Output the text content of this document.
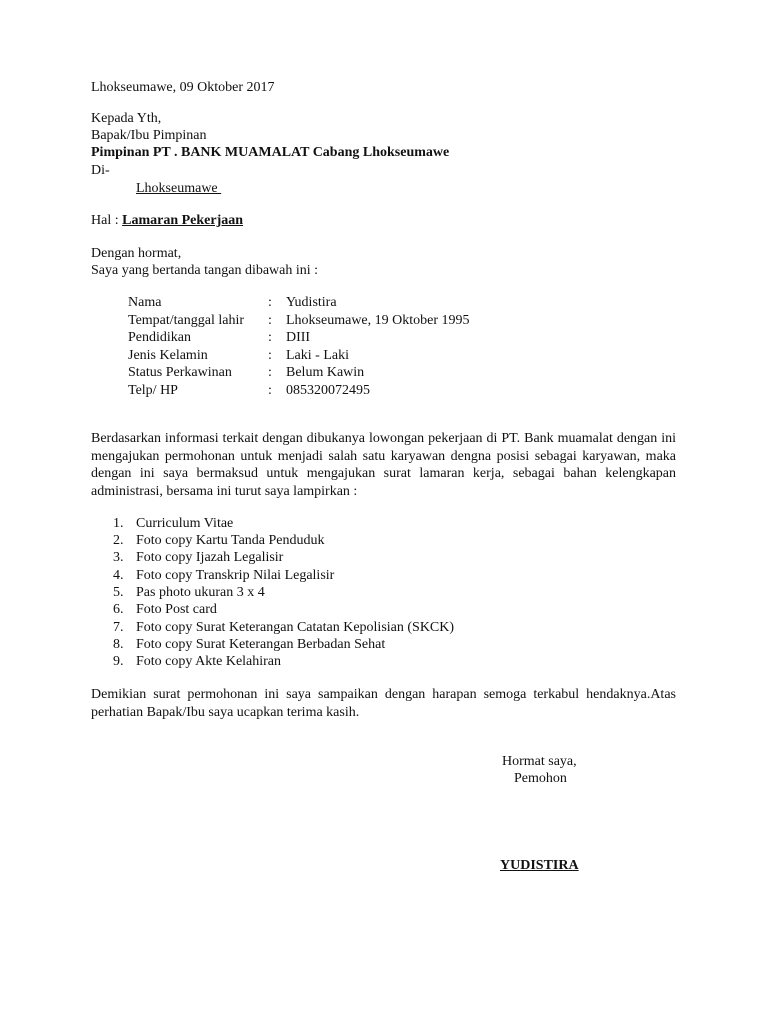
Lhokseumawe, 09 Oktober 2017
Kepada Yth,
Bapak/Ibu Pimpinan
Pimpinan PT . BANK MUAMALAT Cabang Lhokseumawe
Di-
Lhokseumawe
Hal : Lamaran Pekerjaan
Dengan hormat,
Saya yang bertanda tangan dibawah ini :
Nama	: Yudistira
Tempat/tanggal lahir : Lhokseumawe, 19 Oktober 1995
Pendidikan	: DIII
Jenis Kelamin	: Laki - Laki
Status Perkawinan	: Belum Kawin
Telp/ HP	: 085320072495
Berdasarkan informasi terkait dengan dibukanya lowongan pekerjaan di PT. Bank muamalat dengan ini mengajukan permohonan untuk menjadi salah satu karyawan dengna posisi sebagai karyawan, maka dengan ini saya bermaksud untuk mengajukan surat lamaran kerja, sebagai bahan kelengkapan administrasi, bersama ini turut saya lampirkan :
1. Curriculum Vitae
2. Foto copy Kartu Tanda Penduduk
3. Foto copy Ijazah Legalisir
4. Foto copy Transkrip Nilai Legalisir
5. Pas photo ukuran 3 x 4
6. Foto Post card
7. Foto copy Surat Keterangan Catatan Kepolisian (SKCK)
8. Foto copy Surat Keterangan Berbadan Sehat
9. Foto copy Akte Kelahiran
Demikian surat permohonan ini saya sampaikan dengan harapan semoga terkabul hendaknya.Atas perhatian Bapak/Ibu saya ucapkan terima kasih.
Hormat saya,
Pemohon
YUDISTIRA
